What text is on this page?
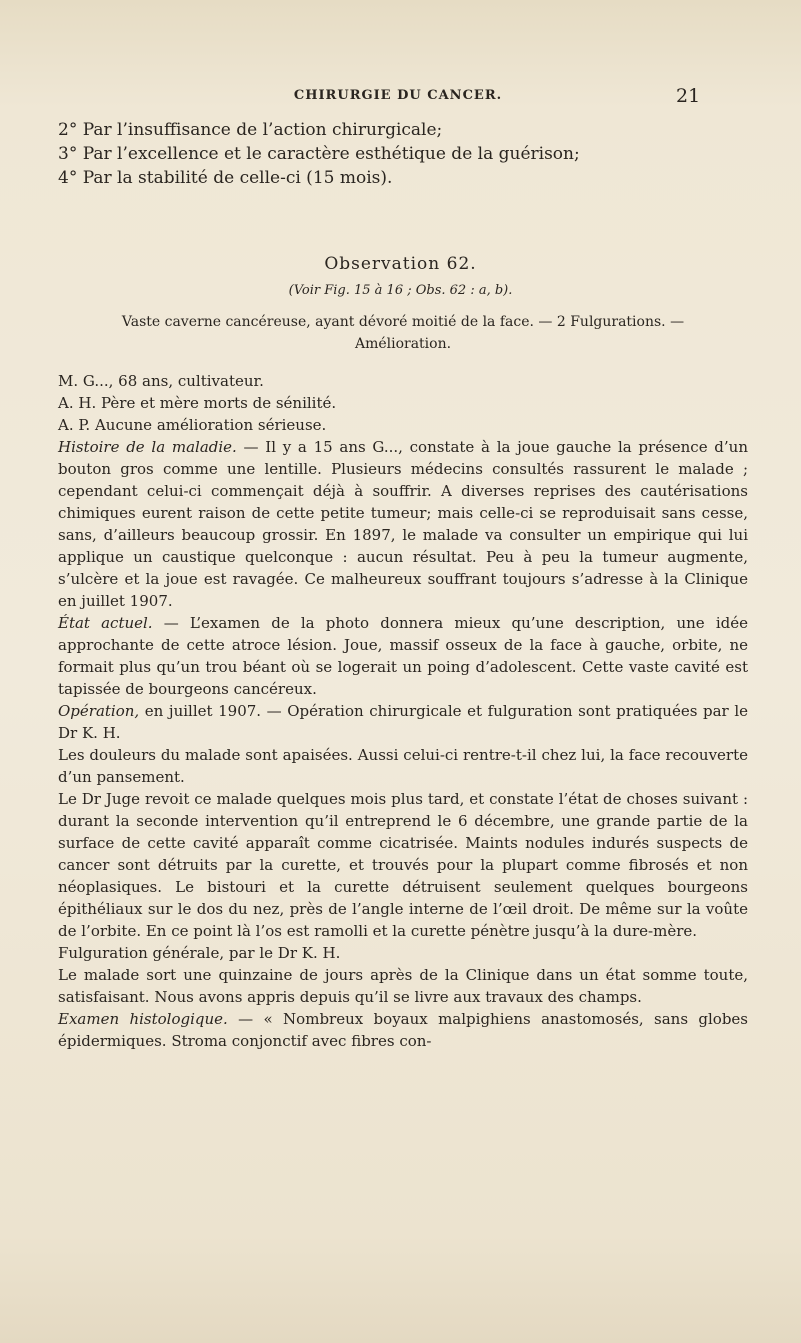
CHIRURGIE DU CANCER.	21
2° Par l’insuffisance de l’action chirurgicale;
3° Par l’excellence et le caractère esthétique de la guérison;
4° Par la stabilité de celle-ci (15 mois).
Observation 62.
(Voir Fig. 15 à 16 ; Obs. 62 : a, b).
Vaste caverne cancéreuse, ayant dévoré moitié de la face. — 2 Fulgurations. —
Amélioration.

M. G..., 68 ans, cultivateur.

A. H. Père et mère morts de sénilité.

A. P. Aucune amélioration sérieuse.

Histoire de la maladie. — Il y a 15 ans G..., constate à la joue gauche la présence d’un bouton gros comme une lentille. Plusieurs médecins consultés rassurent le malade ; cependant celui-ci commençait déjà à souffrir. A diverses reprises des cautérisations chimiques eurent raison de cette petite tumeur; mais celle-ci se reproduisait sans cesse, sans, d’ailleurs beaucoup grossir. En 1897, le malade va consulter un empirique qui lui applique un caustique quelconque : aucun résultat. Peu à peu la tumeur augmente, s’ulcère et la joue est ravagée. Ce malheureux souffrant toujours s’adresse à la Clinique en juillet 1907.

État actuel. — L’examen de la photo donnera mieux qu’une description, une idée approchante de cette atroce lésion. Joue, massif osseux de la face à gauche, orbite, ne formait plus qu’un trou béant où se logerait un poing d’adolescent. Cette vaste cavité est tapissée de bourgeons cancéreux.

Opération, en juillet 1907. — Opération chirurgicale et fulguration sont pratiquées par le Dr K. H.

Les douleurs du malade sont apaisées. Aussi celui-ci rentre-t-il chez lui, la face recouverte d’un pansement.

Le Dr Juge revoit ce malade quelques mois plus tard, et constate l’état de choses suivant : durant la seconde intervention qu’il entreprend le 6 décembre, une grande partie de la surface de cette cavité apparaît comme cicatrisée. Maints nodules indurés suspects de cancer sont détruits par la curette, et trouvés pour la plupart comme fibrosés et non néoplasiques. Le bistouri et la curette détruisent seulement quelques bourgeons épithéliaux sur le dos du nez, près de l’angle interne de l’œil droit. De même sur la voûte de l’orbite. En ce point là l’os est ramolli et la curette pénètre jusqu’à la dure-mère.

Fulguration générale, par le Dr K. H.

Le malade sort une quinzaine de jours après de la Clinique dans un état somme toute, satisfaisant. Nous avons appris depuis qu’il se livre aux travaux des champs.

Examen histologique. — « Nombreux boyaux malpighiens anastomosés, sans globes épidermiques. Stroma conjonctif avec fibres con-
